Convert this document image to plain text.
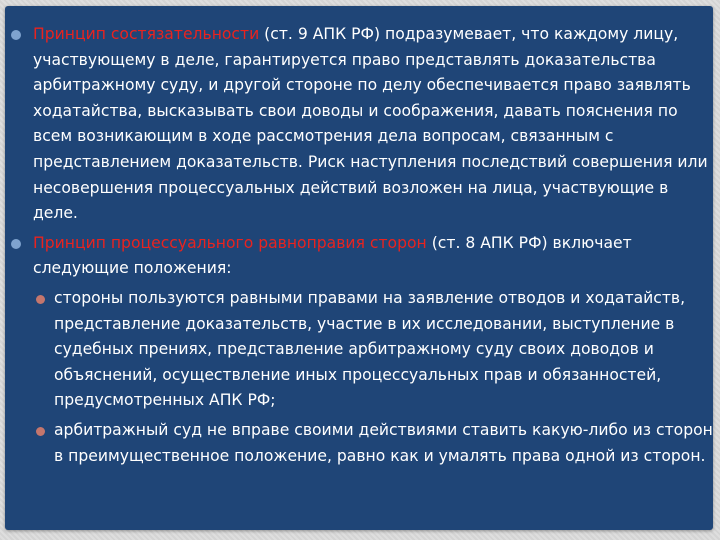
Принцип состязательности (ст. 9 АПК РФ) подразумевает, что каждому лицу, участвующему в деле, гарантируется право представлять доказательства арбитражному суду, и другой стороне по делу обеспечивается право заявлять ходатайства, высказывать свои доводы и соображения, давать пояснения по всем возникающим в ходе рассмотрения дела вопросам, связанным с представлением доказательств. Риск наступления последствий совершения или несовершения процессуальных действий возложен на лица, участвующие в деле.

Принцип процессуального равноправия сторон (ст. 8 АПК РФ) включает следующие положения:

стороны пользуются равными правами на заявление отводов и ходатайств, представление доказательств, участие в их исследовании, выступление в судебных прениях, представление арбитражному суду своих доводов и объяснений, осуществление иных процессуальных прав и обязанностей, предусмотренных АПК РФ;

арбитражный суд не вправе своими действиями ставить какую-либо из сторон в преимущественное положение, равно как и умалять права одной из сторон.
